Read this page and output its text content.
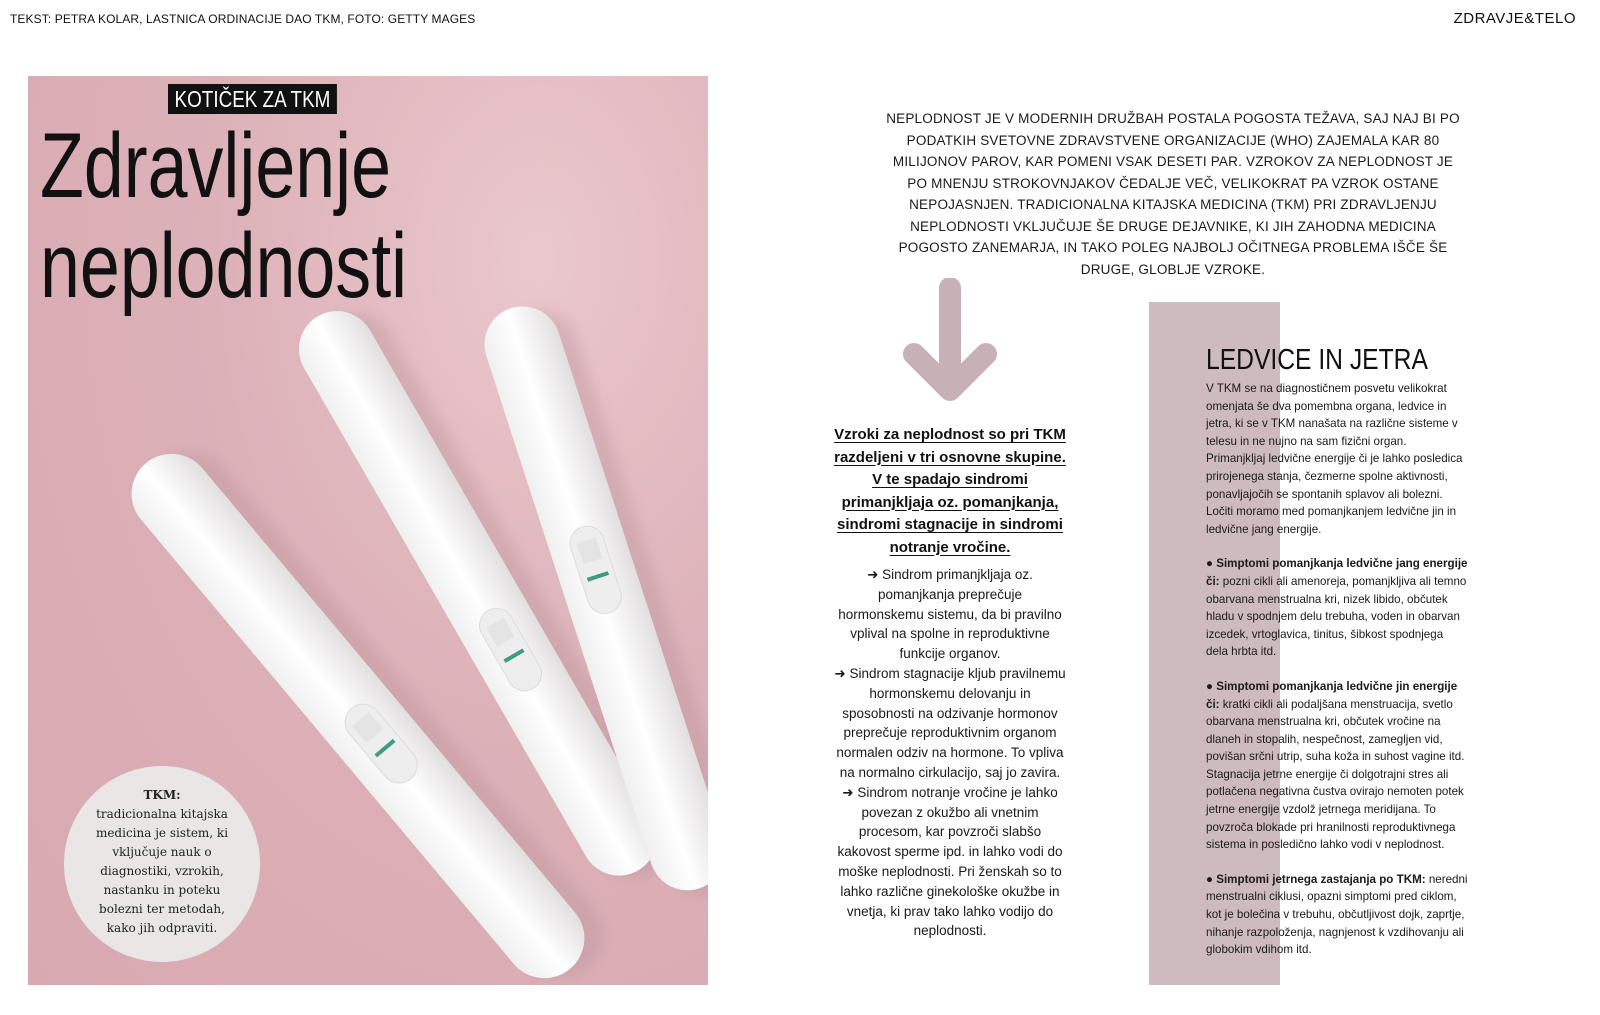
TEKST: PETRA KOLAR, LASTNICA ORDINACIJE DAO TKM, FOTO: GETTY MAGES	ZDRAVJE&TELO
KOTIČEK ZA TKM
Zdravljenje
neplodnosti
TKM:
tradicionalna kitajska medicina je sistem, ki vključuje nauk o diagnostiki, vzrokih, nastanku in poteku bolezni ter metodah, kako jih odpraviti.
NEPLODNOST JE V MODERNIH DRUŽBAH POSTALA POGOSTA TEŽAVA, SAJ NAJ BI PO PODATKIH SVETOVNE ZDRAVSTVENE ORGANIZACIJE (WHO) ZAJEMALA KAR 80 MILIJONOV PAROV, KAR POMENI VSAK DESETI PAR. VZROKOV ZA NEPLODNOST JE PO MNENJU STROKOVNJAKOV ČEDALJE VEČ, VELIKOKRAT PA VZROK OSTANE NEPOJASNJEN. TRADICIONALNA KITAJSKA MEDICINA (TKM) PRI ZDRAVLJENJU NEPLODNOSTI VKLJUČUJE ŠE DRUGE DEJAVNIKE, KI JIH ZAHODNA MEDICINA POGOSTO ZANEMARJA, IN TAKO POLEG NAJBOLJ OČITNEGA PROBLEMA IŠČE ŠE DRUGE, GLOBLJE VZROKE.
Vzroki za neplodnost so pri TKM razdeljeni v tri osnovne skupine. V te spadajo sindromi primanjkljaja oz. pomanjkanja, sindromi stagnacije in sindromi notranje vročine.
➜ Sindrom primanjkljaja oz. pomanjkanja preprečuje hormonskemu sistemu, da bi pravilno vplival na spolne in reproduktivne funkcije organov.
➜ Sindrom stagnacije kljub pravilnemu hormonskemu delovanju in sposobnosti na odzivanje hormonov preprečuje reproduktivnim organom normalen odziv na hormone. To vpliva na normalno cirkulacijo, saj jo zavira.
➜ Sindrom notranje vročine je lahko povezan z okužbo ali vnetnim procesom, kar povzroči slabšo kakovost sperme ipd. in lahko vodi do moške neplodnosti. Pri ženskah so to lahko različne ginekološke okužbe in vnetja, ki prav tako lahko vodijo do neplodnosti.
LEDVICE IN JETRA

V TKM se na diagnostičnem posvetu velikokrat omenjata še dva pomembna organa, ledvice in jetra, ki se v TKM nanašata na različne sisteme v telesu in ne nujno na sam fizični organ. Primanjkljaj ledvične energije či je lahko posledica prirojenega stanja, čezmerne spolne aktivnosti, ponavljajočih se spontanih splavov ali bolezni.

Ločiti moramo med pomanjkanjem ledvične jin in ledvične jang energije.

● Simptomi pomanjkanja ledvične jang energije či: pozni cikli ali amenoreja, pomanjkljiva ali temno obarvana menstrualna kri, nizek libido, občutek hladu v spodnjem delu trebuha, voden in obarvan izcedek, vrtoglavica, tinitus, šibkost spodnjega dela hrbta itd.

● Simptomi pomanjkanja ledvične jin energije či: kratki cikli ali podaljšana menstruacija, svetlo obarvana menstrualna kri, občutek vročine na dlaneh in stopalih, nespečnost, zamegljen vid, povišan srčni utrip, suha koža in suhost vagine itd. Stagnacija jetrne energije či dolgotrajni stres ali potlačena negativna čustva ovirajo nemoten potek jetrne energije vzdolž jetrnega meridijana. To povzroča blokade pri hranilnosti reproduktivnega sistema in posledično lahko vodi v neplodnost.

● Simptomi jetrnega zastajanja po TKM: neredni menstrualni ciklusi, opazni simptomi pred ciklom, kot je bolečina v trebuhu, občutljivost dojk, zaprtje, nihanje razpoloženja, nagnjenost k vzdihovanju ali globokim vdihom itd.
